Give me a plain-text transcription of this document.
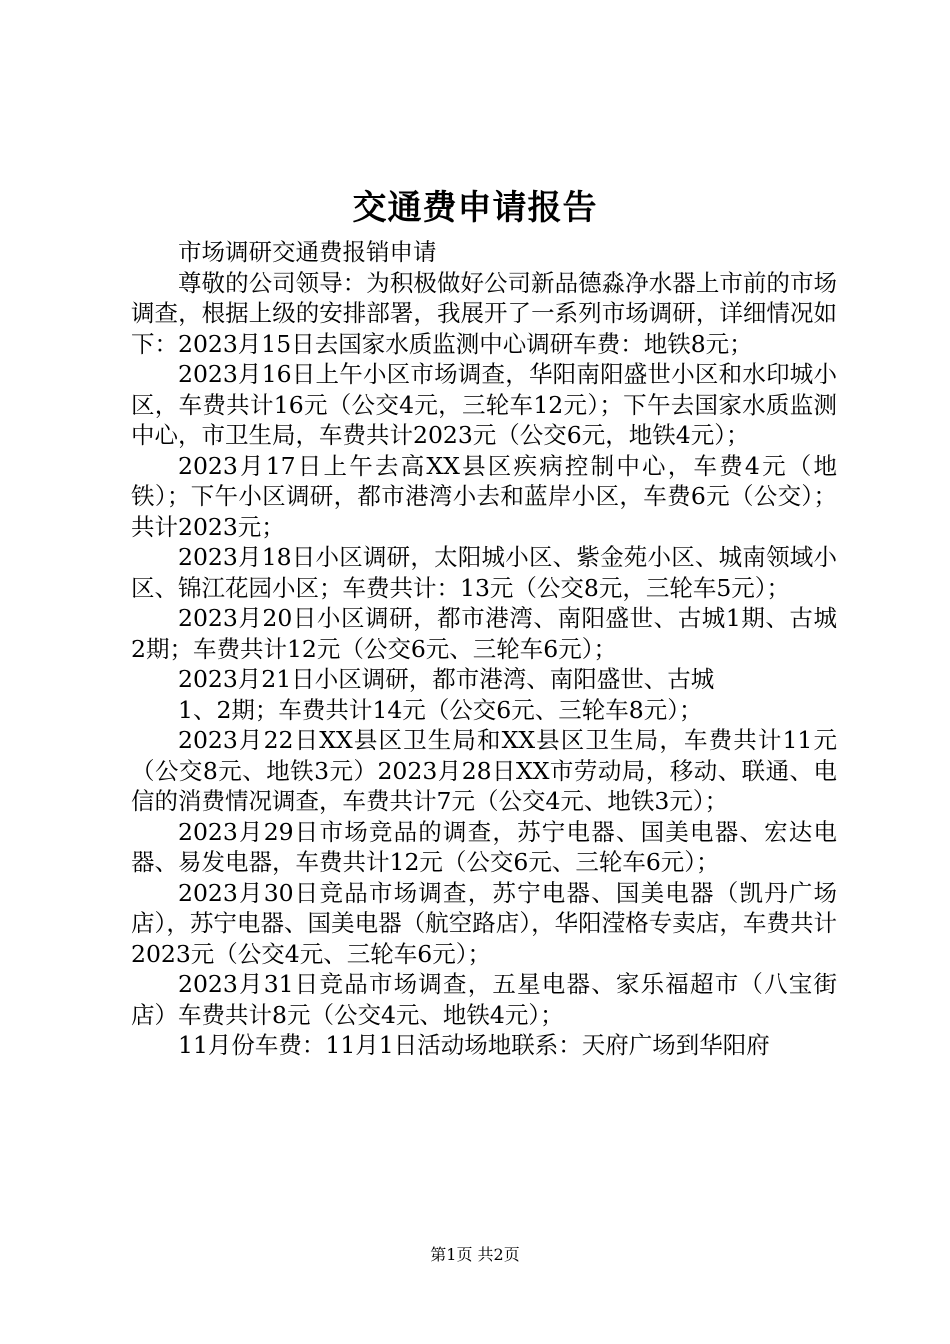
交通费申请报告

市场调研交通费报销申请

尊敬的公司领导：为积极做好公司新品德淼净水器上市前的市场调查，根据上级的安排部署，我展开了一系列市场调研，详细情况如下：2023月15日去国家水质监测中心调研车费：地铁8元；

2023月16日上午小区市场调查，华阳南阳盛世小区和水印城小区，车费共计16元（公交4元，三轮车12元）；下午去国家水质监测中心，市卫生局，车费共计2023元（公交6元，地铁4元）；

2023月17日上午去高XX县区疾病控制中心，车费4元（地铁）；下午小区调研，都市港湾小去和蓝岸小区，车费6元（公交）；共计2023元；

2023月18日小区调研，太阳城小区、紫金苑小区、城南领域小区、锦江花园小区；车费共计：13元（公交8元，三轮车5元）；

2023月20日小区调研，都市港湾、南阳盛世、古城1期、古城2期；车费共计12元（公交6元、三轮车6元）；

2023月21日小区调研，都市港湾、南阳盛世、古城

1、2期；车费共计14元（公交6元、三轮车8元）；

2023月22日XX县区卫生局和XX县区卫生局，车费共计11元（公交8元、地铁3元）2023月28日XX市劳动局，移动、联通、电信的消费情况调查，车费共计7元（公交4元、地铁3元）；

2023月29日市场竞品的调查，苏宁电器、国美电器、宏达电器、易发电器，车费共计12元（公交6元、三轮车6元）；

2023月30日竞品市场调查，苏宁电器、国美电器（凯丹广场店），苏宁电器、国美电器（航空路店），华阳滢格专卖店，车费共计2023元（公交4元、三轮车6元）；

2023月31日竞品市场调查，五星电器、家乐福超市（八宝街店）车费共计8元（公交4元、地铁4元）；

11月份车费：11月1日活动场地联系：天府广场到华阳府

第1页 共2页
